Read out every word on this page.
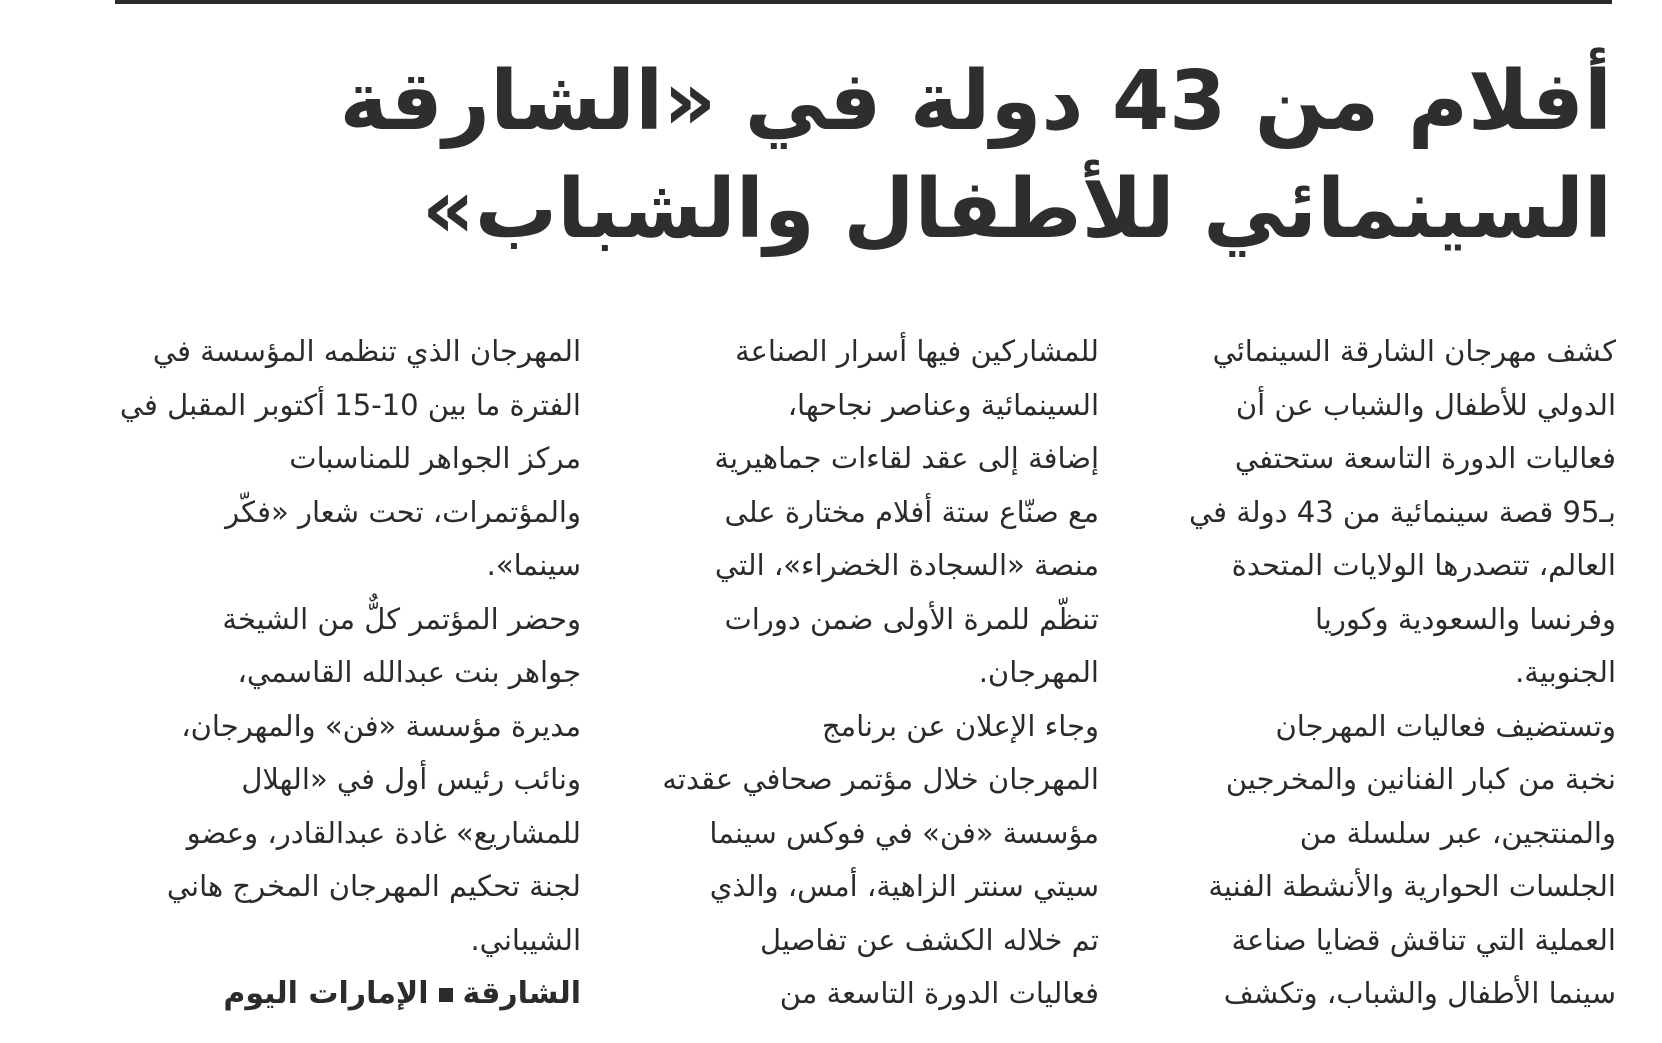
أفلام من 43 دولة في «الشارقة
السينمائي للأطفال والشباب»
كشف مهرجان الشارقة السينمائي
الدولي للأطفال والشباب عن أن
فعاليات الدورة التاسعة ستحتفي
بـ95 قصة سينمائية من 43 دولة في
العالم، تتصدرها الولايات المتحدة
وفرنسا والسعودية وكوريا
الجنوبية.
وتستضيف فعاليات المهرجان
نخبة من كبار الفنانين والمخرجين
والمنتجين، عبر سلسلة من
الجلسات الحوارية والأنشطة الفنية
العملية التي تناقش قضايا صناعة
سينما الأطفال والشباب، وتكشف
للمشاركين فيها أسرار الصناعة
السينمائية وعناصر نجاحها،
إضافة إلى عقد لقاءات جماهيرية
مع صنّاع ستة أفلام مختارة على
منصة «السجادة الخضراء»، التي
تنظّم للمرة الأولى ضمن دورات
المهرجان.
وجاء الإعلان عن برنامج
المهرجان خلال مؤتمر صحافي عقدته
مؤسسة «فن» في فوكس سينما
سيتي سنتر الزاهية، أمس، والذي
تم خلاله الكشف عن تفاصيل
فعاليات الدورة التاسعة من
المهرجان الذي تنظمه المؤسسة في
الفترة ما بين 10-15 أكتوبر المقبل في
مركز الجواهر للمناسبات
والمؤتمرات، تحت شعار «فكّر
سينما».
وحضر المؤتمر كلٌّ من الشيخة
جواهر بنت عبدالله القاسمي،
مديرة مؤسسة «فن» والمهرجان،
ونائب رئيس أول في «الهلال
للمشاريع» غادة عبدالقادر، وعضو
لجنة تحكيم المهرجان المخرج هاني
الشيباني.
الشارقةالإمارات اليوم
